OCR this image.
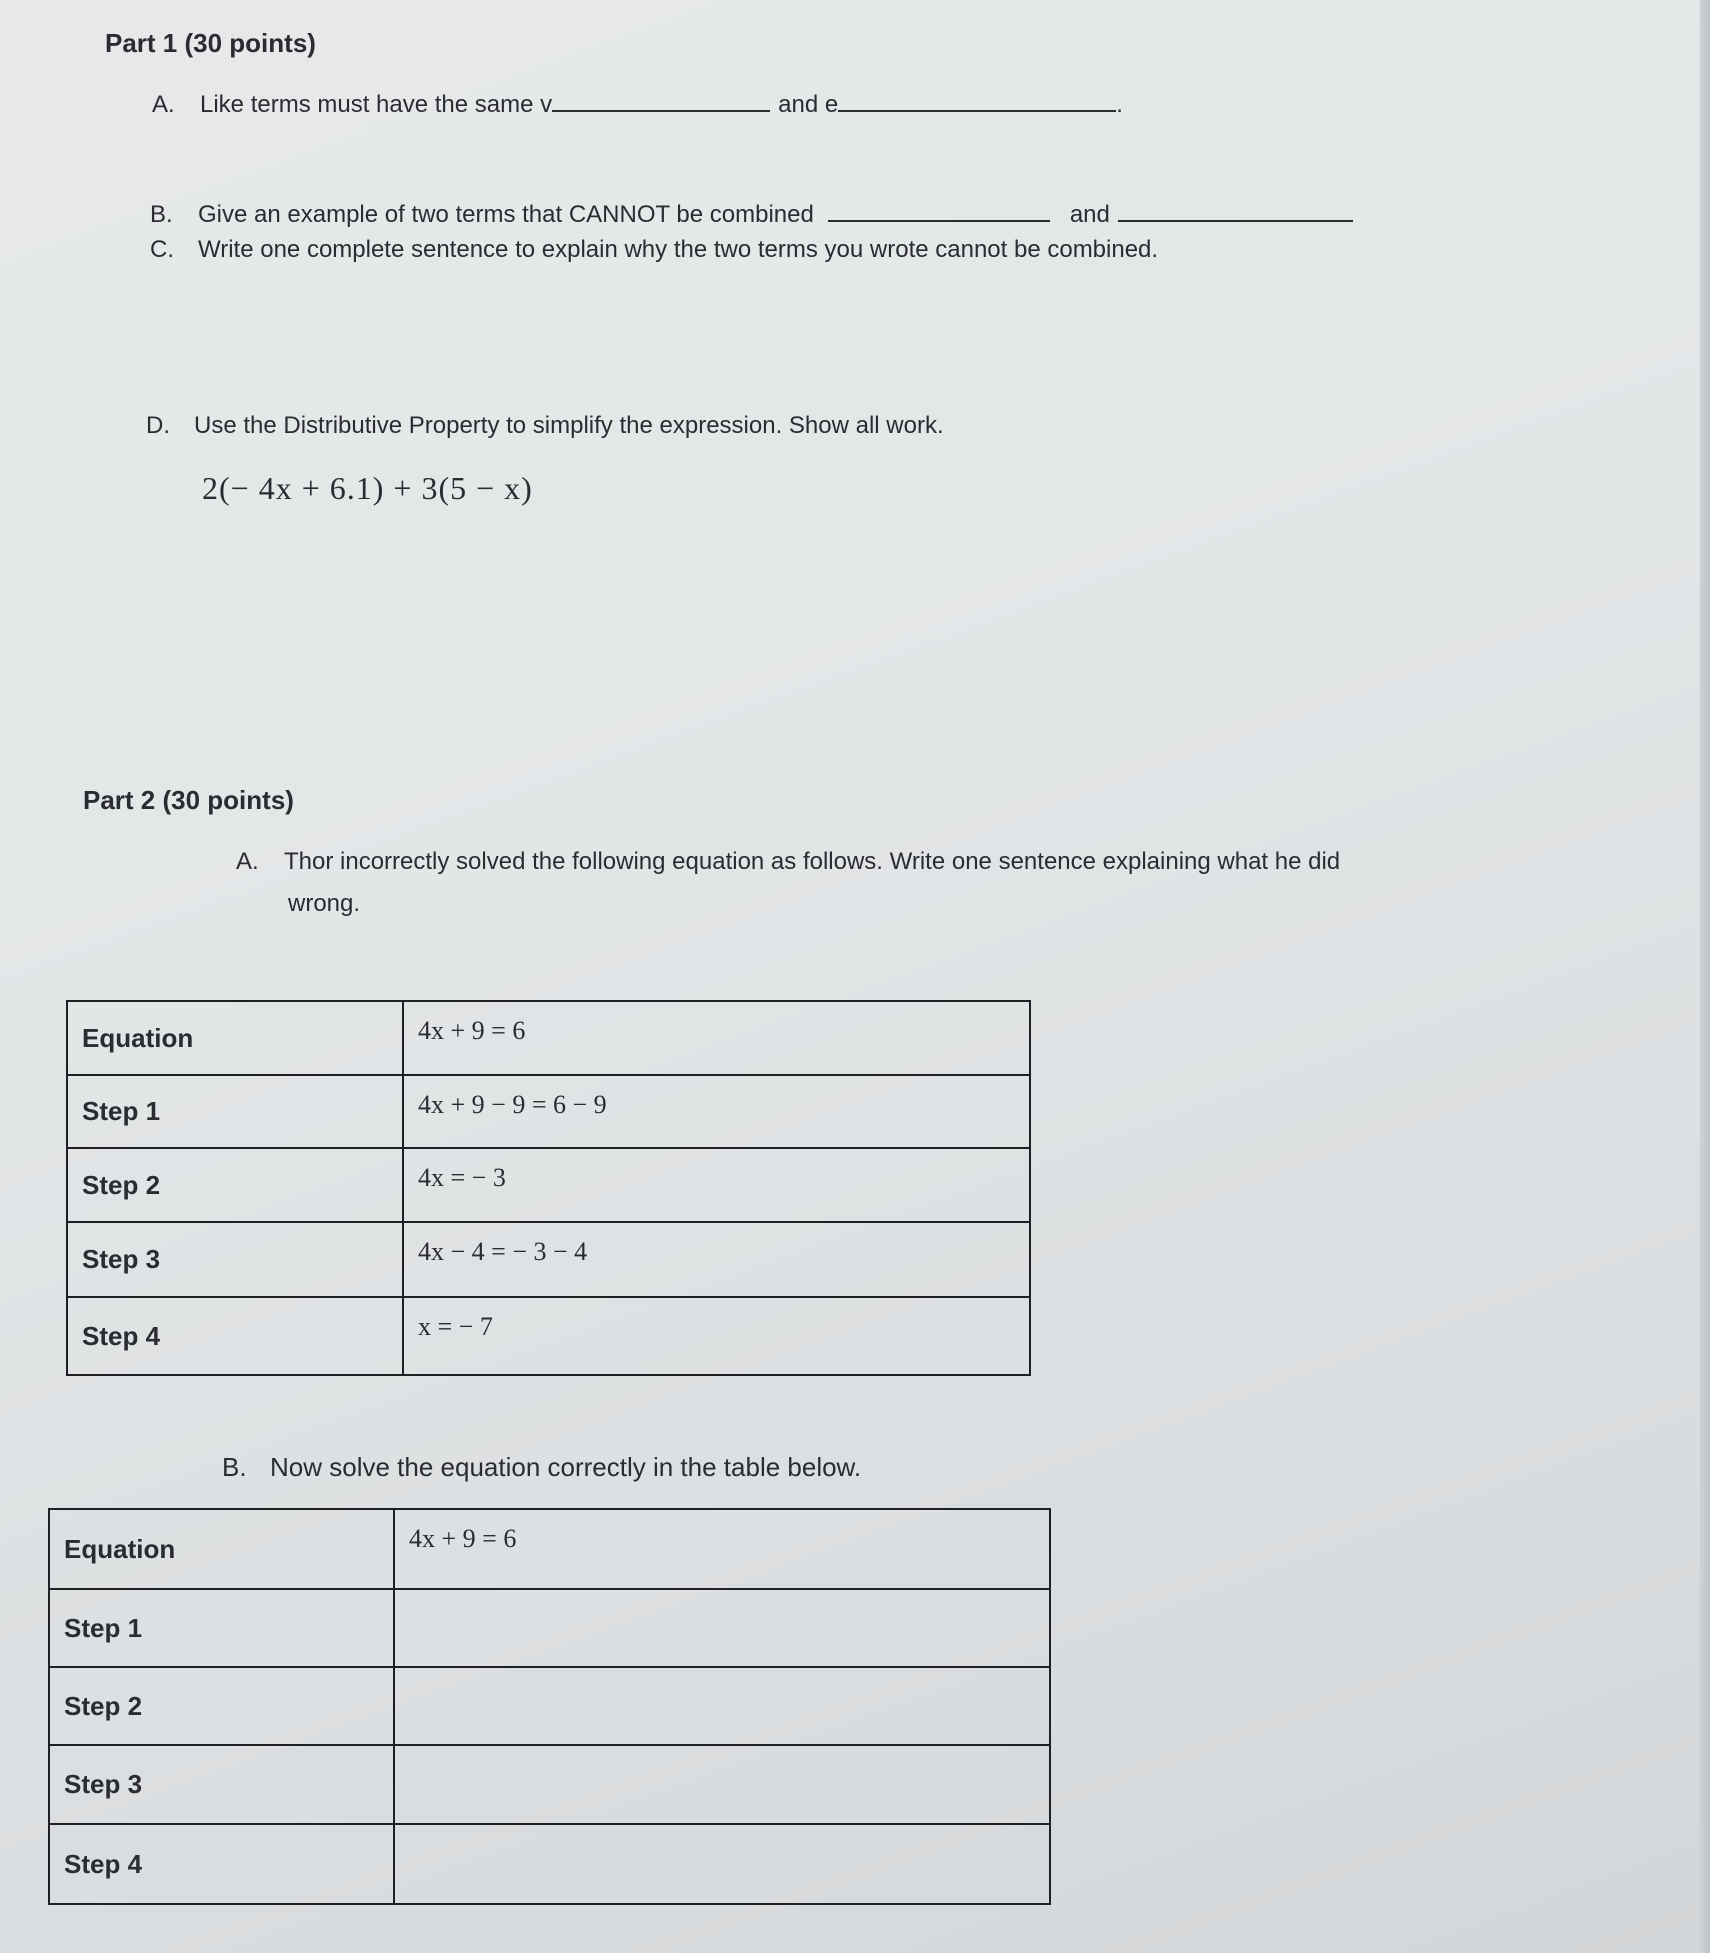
Part 1 (30 points)
A. Like terms must have the same v	and e	.
B. Give an example of two terms that CANNOT be combined	and
C. Write one complete sentence to explain why the two terms you wrote cannot be combined.
D. Use the Distributive Property to simplify the expression. Show all work.
2(− 4x + 6.1) + 3(5 − x)
Part 2 (30 points)
A. Thor incorrectly solved the following equation as follows. Write one sentence explaining what he did
wrong.
Equation	4x + 9 = 6
Step 1	4x + 9 − 9 = 6 − 9
Step 2	4x = − 3
Step 3	4x − 4 = − 3 − 4
Step 4	x = − 7
B. Now solve the equation correctly in the table below.
Equation	4x + 9 = 6
Step 1	
Step 2	
Step 3	
Step 4	
